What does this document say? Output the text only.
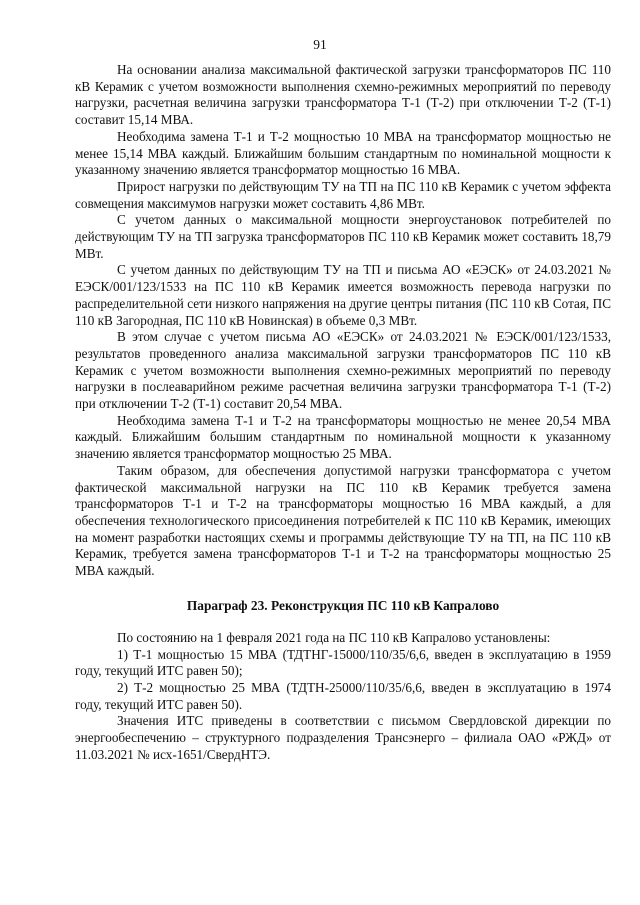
91

На основании анализа максимальной фактической загрузки трансформаторов ПС 110 кВ Керамик с учетом возможности выполнения схемно-режимных мероприятий по переводу нагрузки, расчетная величина загрузки трансформатора Т-1 (Т-2) при отключении Т-2 (Т-1) составит 15,14 МВА.

Необходима замена Т-1 и Т-2 мощностью 10 МВА на трансформатор мощностью не менее 15,14 МВА каждый. Ближайшим большим стандартным по номинальной мощности к указанному значению является трансформатор мощностью 16 МВА.

Прирост нагрузки по действующим ТУ на ТП на ПС 110 кВ Керамик с учетом эффекта совмещения максимумов нагрузки может составить 4,86 МВт.

С учетом данных о максимальной мощности энергоустановок потребителей по действующим ТУ на ТП загрузка трансформаторов ПС 110 кВ Керамик может составить 18,79 МВт.

С учетом данных по действующим ТУ на ТП и письма АО «ЕЭСК» от 24.03.2021 № ЕЭСК/001/123/1533 на ПС 110 кВ Керамик имеется возможность перевода нагрузки по распределительной сети низкого напряжения на другие центры питания (ПС 110 кВ Сотая, ПС 110 кВ Загородная, ПС 110 кВ Новинская) в объеме 0,3 МВт.

В этом случае с учетом письма АО «ЕЭСК» от 24.03.2021 № ЕЭСК/001/123/1533, результатов проведенного анализа максимальной загрузки трансформаторов ПС 110 кВ Керамик с учетом возможности выполнения схемно-режимных мероприятий по переводу нагрузки в послеаварийном режиме расчетная величина загрузки трансформатора Т-1 (Т-2) при отключении Т-2 (Т-1) составит 20,54 МВА.

Необходима замена Т-1 и Т-2 на трансформаторы мощностью не менее 20,54 МВА каждый. Ближайшим большим стандартным по номинальной мощности к указанному значению является трансформатор мощностью 25 МВА.

Таким образом, для обеспечения допустимой нагрузки трансформатора с учетом фактической максимальной нагрузки на ПС 110 кВ Керамик требуется замена трансформаторов Т-1 и Т-2 на трансформаторы мощностью 16 МВА каждый, а для обеспечения технологического присоединения потребителей к ПС 110 кВ Керамик, имеющих на момент разработки настоящих схемы и программы действующие ТУ на ТП, на ПС 110 кВ Керамик, требуется замена трансформаторов Т-1 и Т-2 на трансформаторы мощностью 25 МВА каждый.

Параграф 23. Реконструкция ПС 110 кВ Капралово

По состоянию на 1 февраля 2021 года на ПС 110 кВ Капралово установлены:

1) Т-1 мощностью 15 МВА (ТДТНГ-15000/110/35/6,6, введен в эксплуатацию в 1959 году, текущий ИТС равен 50);

2) Т-2 мощностью 25 МВА (ТДТН-25000/110/35/6,6, введен в эксплуатацию в 1974 году, текущий ИТС равен 50).

Значения ИТС приведены в соответствии с письмом Свердловской дирекции по энергообеспечению – структурного подразделения Трансэнерго – филиала ОАО «РЖД» от 11.03.2021 № исх-1651/СвердНТЭ.
